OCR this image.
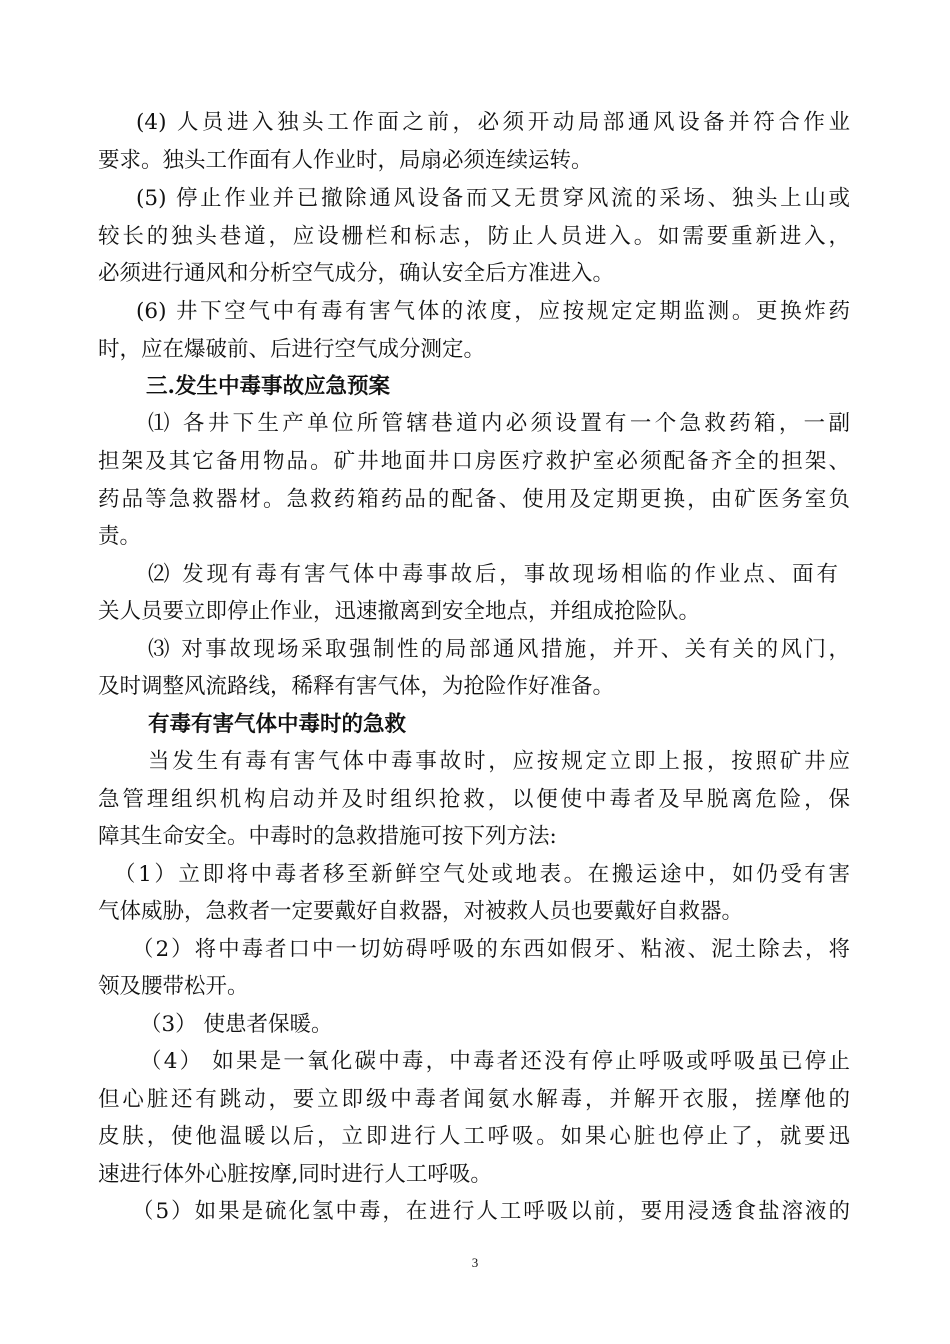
(4) 人员进入独头工作面之前，必须开动局部通风设备并符合作业
要求。独头工作面有人作业时，局扇必须连续运转。
(5) 停止作业并已撤除通风设备而又无贯穿风流的采场、独头上山或
较长的独头巷道，应设栅栏和标志，防止人员进入。如需要重新进入，
必须进行通风和分析空气成分，确认安全后方准进入。
(6) 井下空气中有毒有害气体的浓度，应按规定定期监测。更换炸药
时，应在爆破前、后进行空气成分测定。
三.发生中毒事故应急预案
⑴ 各井下生产单位所管辖巷道内必须设置有一个急救药箱，一副
担架及其它备用物品。矿井地面井口房医疗救护室必须配备齐全的担架、
药品等急救器材。急救药箱药品的配备、使用及定期更换，由矿医务室负
责。
⑵ 发现有毒有害气体中毒事故后，事故现场相临的作业点、面有
关人员要立即停止作业，迅速撤离到安全地点，并组成抢险队。
⑶ 对事故现场采取强制性的局部通风措施，并开、关有关的风门，
及时调整风流路线，稀释有害气体，为抢险作好准备。
有毒有害气体中毒时的急救
当发生有毒有害气体中毒事故时，应按规定立即上报，按照矿井应
急管理组织机构启动并及时组织抢救，以便使中毒者及早脱离危险，保
障其生命安全。中毒时的急救措施可按下列方法:
（1）立即将中毒者移至新鲜空气处或地表。在搬运途中，如仍受有害
气体威胁，急救者一定要戴好自救器，对被救人员也要戴好自救器。
（2）将中毒者口中一切妨碍呼吸的东西如假牙、粘液、泥土除去，将
领及腰带松开。
（3） 使患者保暖。
（4） 如果是一氧化碳中毒，中毒者还没有停止呼吸或呼吸虽已停止
但心脏还有跳动，要立即级中毒者闻氨水解毒，并解开衣服，搓摩他的
皮肤，使他温暖以后，立即进行人工呼吸。如果心脏也停止了，就要迅
速进行体外心脏按摩,同时进行人工呼吸。
（5）如果是硫化氢中毒，在进行人工呼吸以前，要用浸透食盐溶液的
3
